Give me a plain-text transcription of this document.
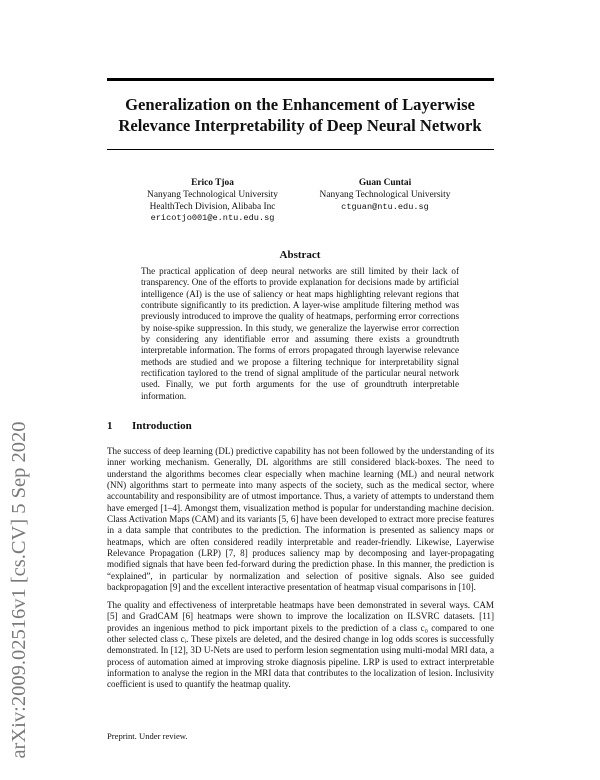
arXiv:2009.02516v1 [cs.CV] 5 Sep 2020
Generalization on the Enhancement of Layerwise
Relevance Interpretability of Deep Neural Network
Erico Tjoa
Nanyang Technological University
HealthTech Division, Alibaba Inc
ericotjo001@e.ntu.edu.sg
Guan Cuntai
Nanyang Technological University
ctguan@ntu.edu.sg
Abstract

The practical application of deep neural networks are still limited by their lack of transparency. One of the efforts to provide explanation for decisions made by artificial intelligence (AI) is the use of saliency or heat maps highlighting relevant regions that contribute significantly to its prediction. A layer-wise amplitude filtering method was previously introduced to improve the quality of heatmaps, performing error corrections by noise-spike suppression. In this study, we generalize the layerwise error correction by considering any identifiable error and assuming there exists a groundtruth interpretable information. The forms of errors propagated through layerwise relevance methods are studied and we propose a filtering technique for interpretability signal rectification taylored to the trend of signal amplitude of the particular neural network used. Finally, we put forth arguments for the use of groundtruth interpretable information.

1 Introduction

The success of deep learning (DL) predictive capability has not been followed by the understanding of its inner working mechanism. Generally, DL algorithms are still considered black-boxes. The need to understand the algorithms becomes clear especially when machine learning (ML) and neural network (NN) algorithms start to permeate into many aspects of the society, such as the medical sector, where accountability and responsibility are of utmost importance. Thus, a variety of attempts to understand them have emerged [1–4]. Amongst them, visualization method is popular for understanding machine decision. Class Activation Maps (CAM) and its variants [5, 6] have been developed to extract more precise features in a data sample that contributes to the prediction. The information is presented as saliency maps or heatmaps, which are often considered readily interpretable and reader-friendly. Likewise, Layerwise Relevance Propagation (LRP) [7, 8] produces saliency map by decomposing and layer-propagating modified signals that have been fed-forward during the prediction phase. In this manner, the prediction is “explained”, in particular by normalization and selection of positive signals. Also see guided backpropagation [9] and the excellent interactive presentation of heatmap visual comparisons in [10].

The quality and effectiveness of interpretable heatmaps have been demonstrated in several ways. CAM [5] and GradCAM [6] heatmaps were shown to improve the localization on ILSVRC datasets. [11] provides an ingenious method to pick important pixels to the prediction of a class c₀ compared to one other selected class cᵢ. These pixels are deleted, and the desired change in log odds scores is successfully demonstrated. In [12], 3D U-Nets are used to perform lesion segmentation using multi-modal MRI data, a process of automation aimed at improving stroke diagnosis pipeline. LRP is used to extract interpretable information to analyse the region in the MRI data that contributes to the localization of lesion. Inclusivity coefficient is used to quantify the heatmap quality.

Preprint. Under review.
